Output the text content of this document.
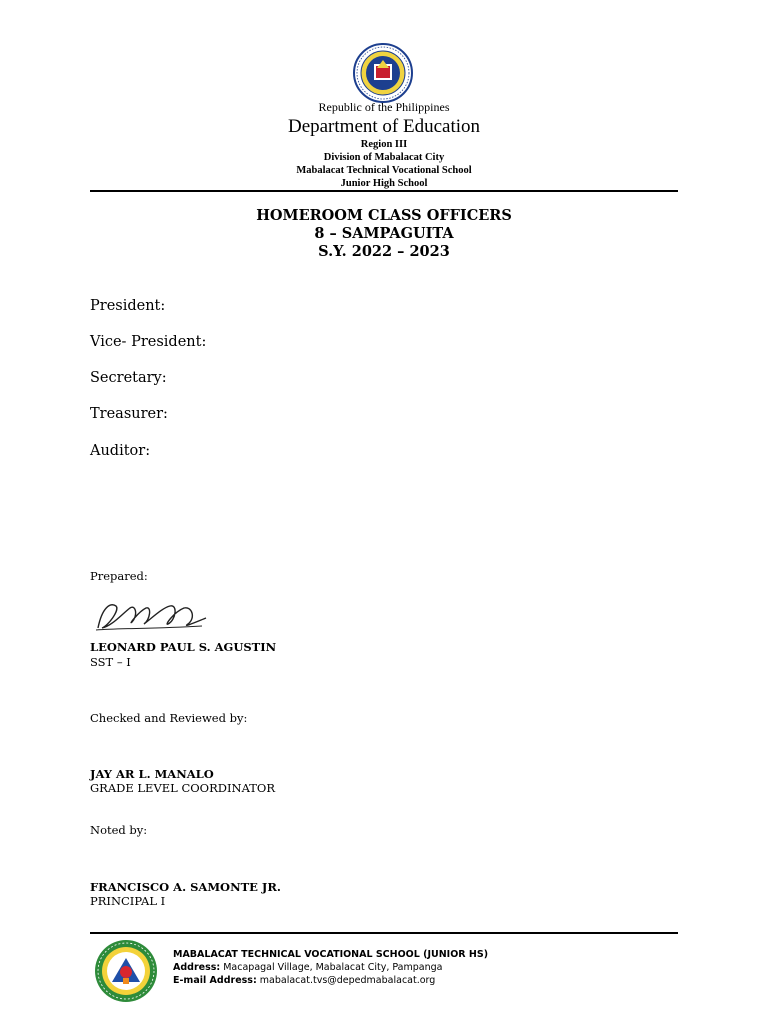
Republic of the Philippines
Department of Education
Region III
Division of Mabalacat City
Mabalacat Technical Vocational School
Junior High School
HOMEROOM CLASS OFFICERS
8 – SAMPAGUITA
S.Y. 2022 – 2023
President:
Vice- President:
Secretary:
Treasurer:
Auditor:
Prepared:
LEONARD PAUL S. AGUSTIN
SST – I
Checked and Reviewed by:
JAY AR L. MANALO
GRADE LEVEL COORDINATOR
Noted by:
FRANCISCO A. SAMONTE JR.
PRINCIPAL I
MABALACAT TECHNICAL VOCATIONAL SCHOOL (JUNIOR HS)
Address: Macapagal Village, Mabalacat City, Pampanga
E-mail Address: mabalacat.tvs@depedmabalacat.org
